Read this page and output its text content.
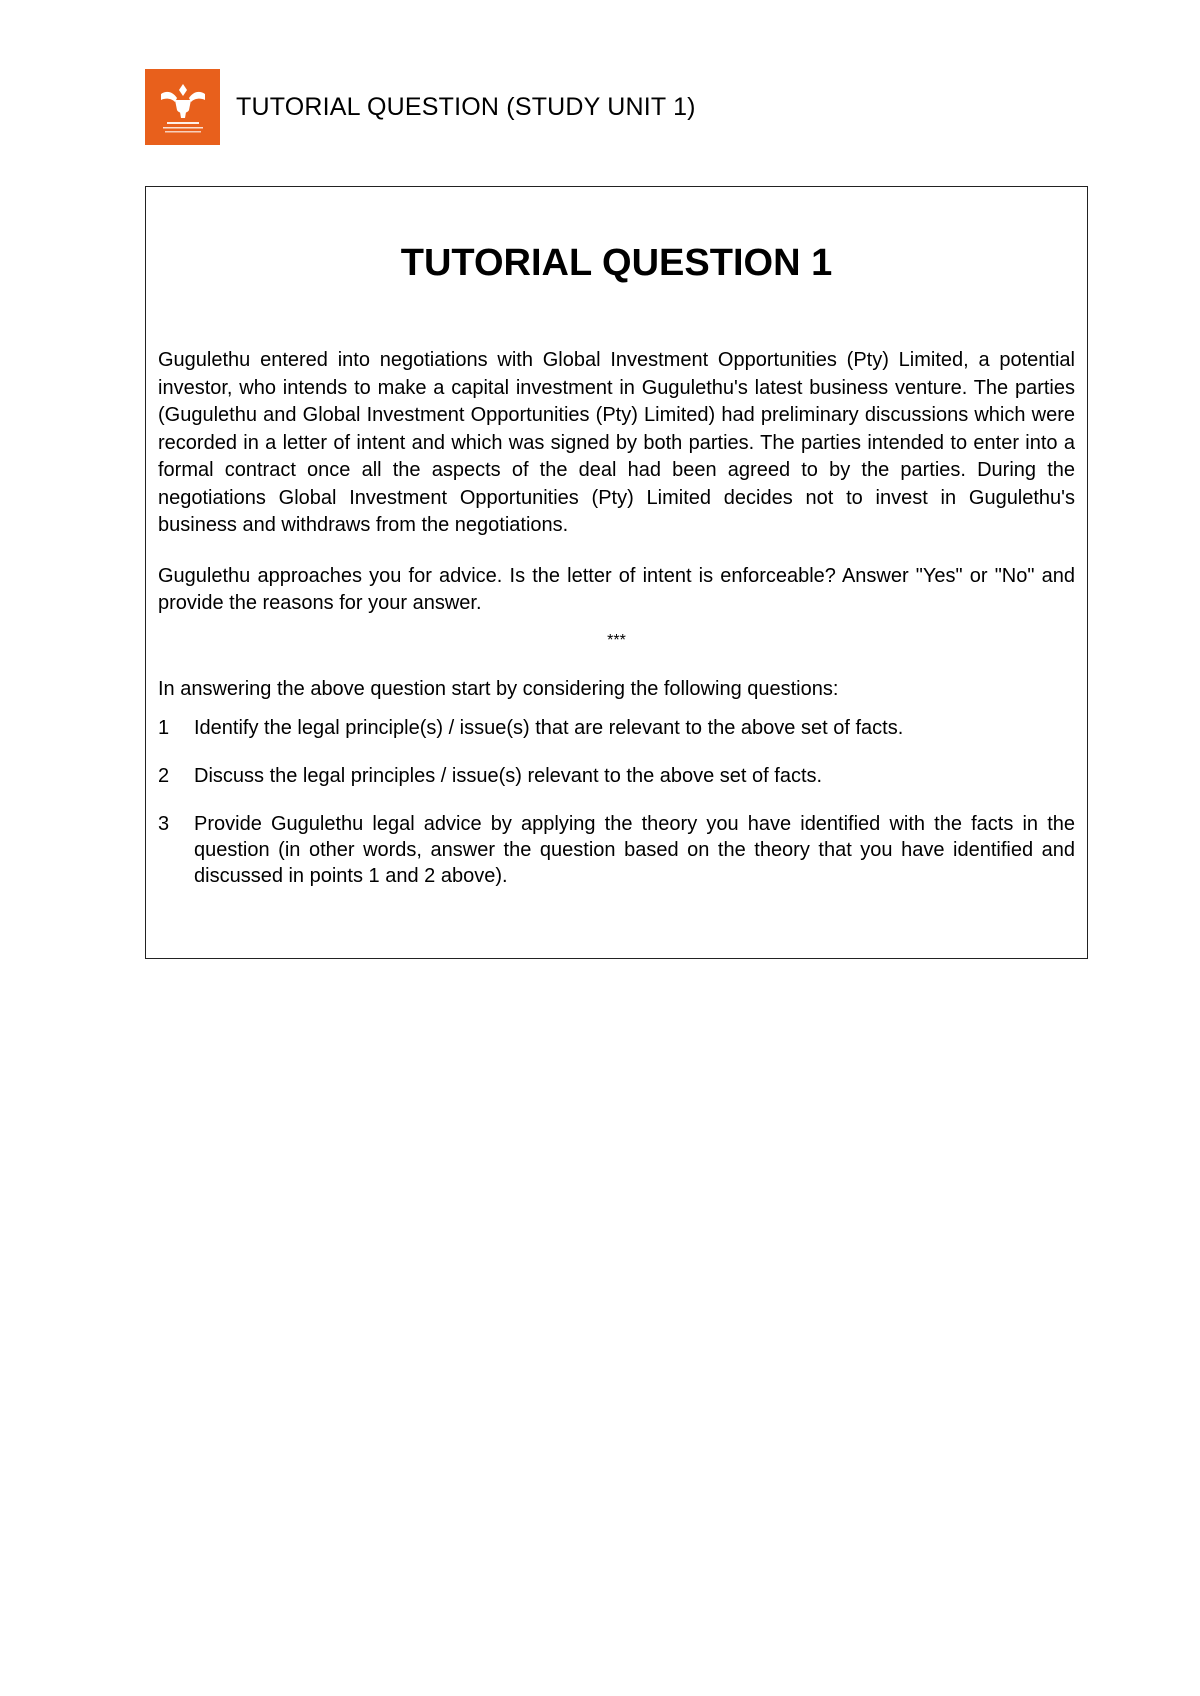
TUTORIAL QUESTION (STUDY UNIT 1)
TUTORIAL QUESTION 1

Gugulethu entered into negotiations with Global Investment Opportunities (Pty) Limited, a potential investor, who intends to make a capital investment in Gugulethu's latest business venture. The parties (Gugulethu and Global Investment Opportunities (Pty) Limited) had preliminary discussions which were recorded in a letter of intent and which was signed by both parties. The parties intended to enter into a formal contract once all the aspects of the deal had been agreed to by the parties. During the negotiations Global Investment Opportunities (Pty) Limited decides not to invest in Gugulethu's business and withdraws from the negotiations.

Gugulethu approaches you for advice. Is the letter of intent is enforceable? Answer "Yes" or "No" and provide the reasons for your answer.

***

In answering the above question start by considering the following questions:

1	Identify the legal principle(s) / issue(s) that are relevant to the above set of facts.
2	Discuss the legal principles / issue(s) relevant to the above set of facts.
3	Provide Gugulethu legal advice by applying the theory you have identified with the facts in the question (in other words, answer the question based on the theory that you have identified and discussed in points 1 and 2 above).
